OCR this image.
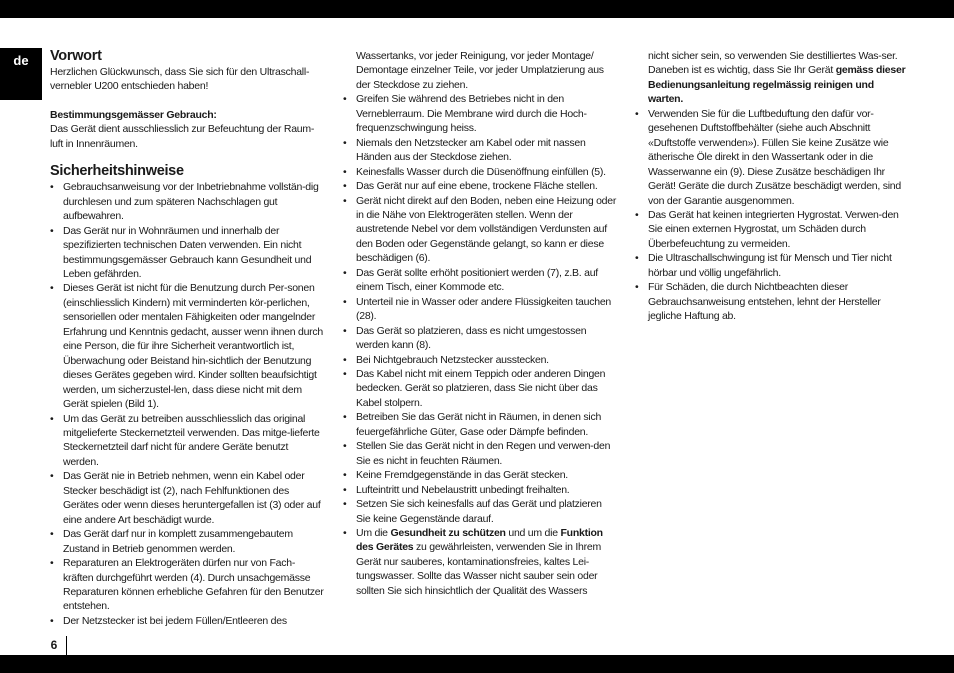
de	Vorwort

Herzlichen Glückwunsch, dass Sie sich für den Ultraschall-vernebler U200 entschieden haben!

Bestimmungsgemässer Gebrauch:

Das Gerät dient ausschliesslich zur Befeuchtung der Raum-luft in Innenräumen.

Sicherheitshinweise
• Gebrauchsanweisung vor der Inbetriebnahme vollstän-dig durchlesen und zum späteren Nachschlagen gut aufbewahren.
• Das Gerät nur in Wohnräumen und innerhalb der spezifizierten technischen Daten verwenden. Ein nicht bestimmungsgemässer Gebrauch kann Gesundheit und Leben gefährden.
• Dieses Gerät ist nicht für die Benutzung durch Per-sonen (einschliesslich Kindern) mit verminderten kör-perlichen, sensoriellen oder mentalen Fähigkeiten oder mangelnder Erfahrung und Kenntnis gedacht, ausser wenn ihnen durch eine Person, die für ihre Sicherheit verantwortlich ist, Überwachung oder Beistand hin-sichtlich der Benutzung dieses Gerätes gegeben wird. Kinder sollten beaufsichtigt werden, um sicherzustel-len, dass diese nicht mit dem Gerät spielen (Bild 1).
• Um das Gerät zu betreiben ausschliesslich das original mitgelieferte Steckernetzteil verwenden. Das mitge-lieferte Steckernetzteil darf nicht für andere Geräte benutzt werden.
• Das Gerät nie in Betrieb nehmen, wenn ein Kabel oder Stecker beschädigt ist (2), nach Fehlfunktionen des Gerätes oder wenn dieses heruntergefallen ist (3) oder auf eine andere Art beschädigt wurde.
• Das Gerät darf nur in komplett zusammengebautem Zustand in Betrieb genommen werden.
• Reparaturen an Elektrogeräten dürfen nur von Fach-kräften durchgeführt werden (4). Durch unsachgemässe Reparaturen können erhebliche Gefahren für den Benutzer entstehen.
• Der Netzstecker ist bei jedem Füllen/Entleeren des

Wassertanks, vor jeder Reinigung, vor jeder Montage/ Demontage einzelner Teile, vor jeder Umplatzierung aus der Steckdose zu ziehen.

• Greifen Sie während des Betriebes nicht in den Verneblerraum. Die Membrane wird durch die Hoch-frequenzschwingung heiss.
• Niemals den Netzstecker am Kabel oder mit nassen Händen aus der Steckdose ziehen.
• Keinesfalls Wasser durch die Düsenöffnung einfüllen (5).
• Das Gerät nur auf eine ebene, trockene Fläche stellen.
• Gerät nicht direkt auf den Boden, neben eine Heizung oder in die Nähe von Elektrogeräten stellen. Wenn der austretende Nebel vor dem vollständigen Verdunsten auf den Boden oder Gegenstände gelangt, so kann er diese beschädigen (6).
• Das Gerät sollte erhöht positioniert werden (7), z.B. auf einem Tisch, einer Kommode etc.
• Unterteil nie in Wasser oder andere Flüssigkeiten tauchen (28).
• Das Gerät so platzieren, dass es nicht umgestossen werden kann (8).
• Bei Nichtgebrauch Netzstecker ausstecken.
• Das Kabel nicht mit einem Teppich oder anderen Dingen bedecken. Gerät so platzieren, dass Sie nicht über das Kabel stolpern.
• Betreiben Sie das Gerät nicht in Räumen, in denen sich feuergefährliche Güter, Gase oder Dämpfe befinden.
• Stellen Sie das Gerät nicht in den Regen und verwen-den Sie es nicht in feuchten Räumen.
• Keine Fremdgegenstände in das Gerät stecken.
• Lufteintritt und Nebelaustritt unbedingt freihalten.
• Setzen Sie sich keinesfalls auf das Gerät und platzieren Sie keine Gegenstände darauf.
• Um die Gesundheit zu schützen und um die Funktion des Gerätes zu gewährleisten, verwenden Sie in Ihrem Gerät nur sauberes, kontaminationsfreies, kaltes Lei-tungswasser. Sollte das Wasser nicht sauber sein oder sollten Sie sich hinsichtlich der Qualität des Wassers

nicht sicher sein, so verwenden Sie destilliertes Was-ser. Daneben ist es wichtig, dass Sie Ihr Gerät gemäss dieser Bedienungsanleitung regelmässig reinigen und warten.

• Verwenden Sie für die Luftbeduftung den dafür vor-gesehenen Duftstoffbehälter (siehe auch Abschnitt «Duftstoffe verwenden»). Füllen Sie keine Zusätze wie ätherische Öle direkt in den Wassertank oder in die Wasserwanne ein (9). Diese Zusätze beschädigen Ihr Gerät! Geräte die durch Zusätze beschädigt werden, sind von der Garantie ausgenommen.
• Das Gerät hat keinen integrierten Hygrostat. Verwen-den Sie einen externen Hygrostat, um Schäden durch Überbefeuchtung zu vermeiden.
• Die Ultraschallschwingung ist für Mensch und Tier nicht hörbar und völlig ungefährlich.
• Für Schäden, die durch Nichtbeachten dieser Gebrauchsanweisung entstehen, lehnt der Hersteller jegliche Haftung ab.
6
